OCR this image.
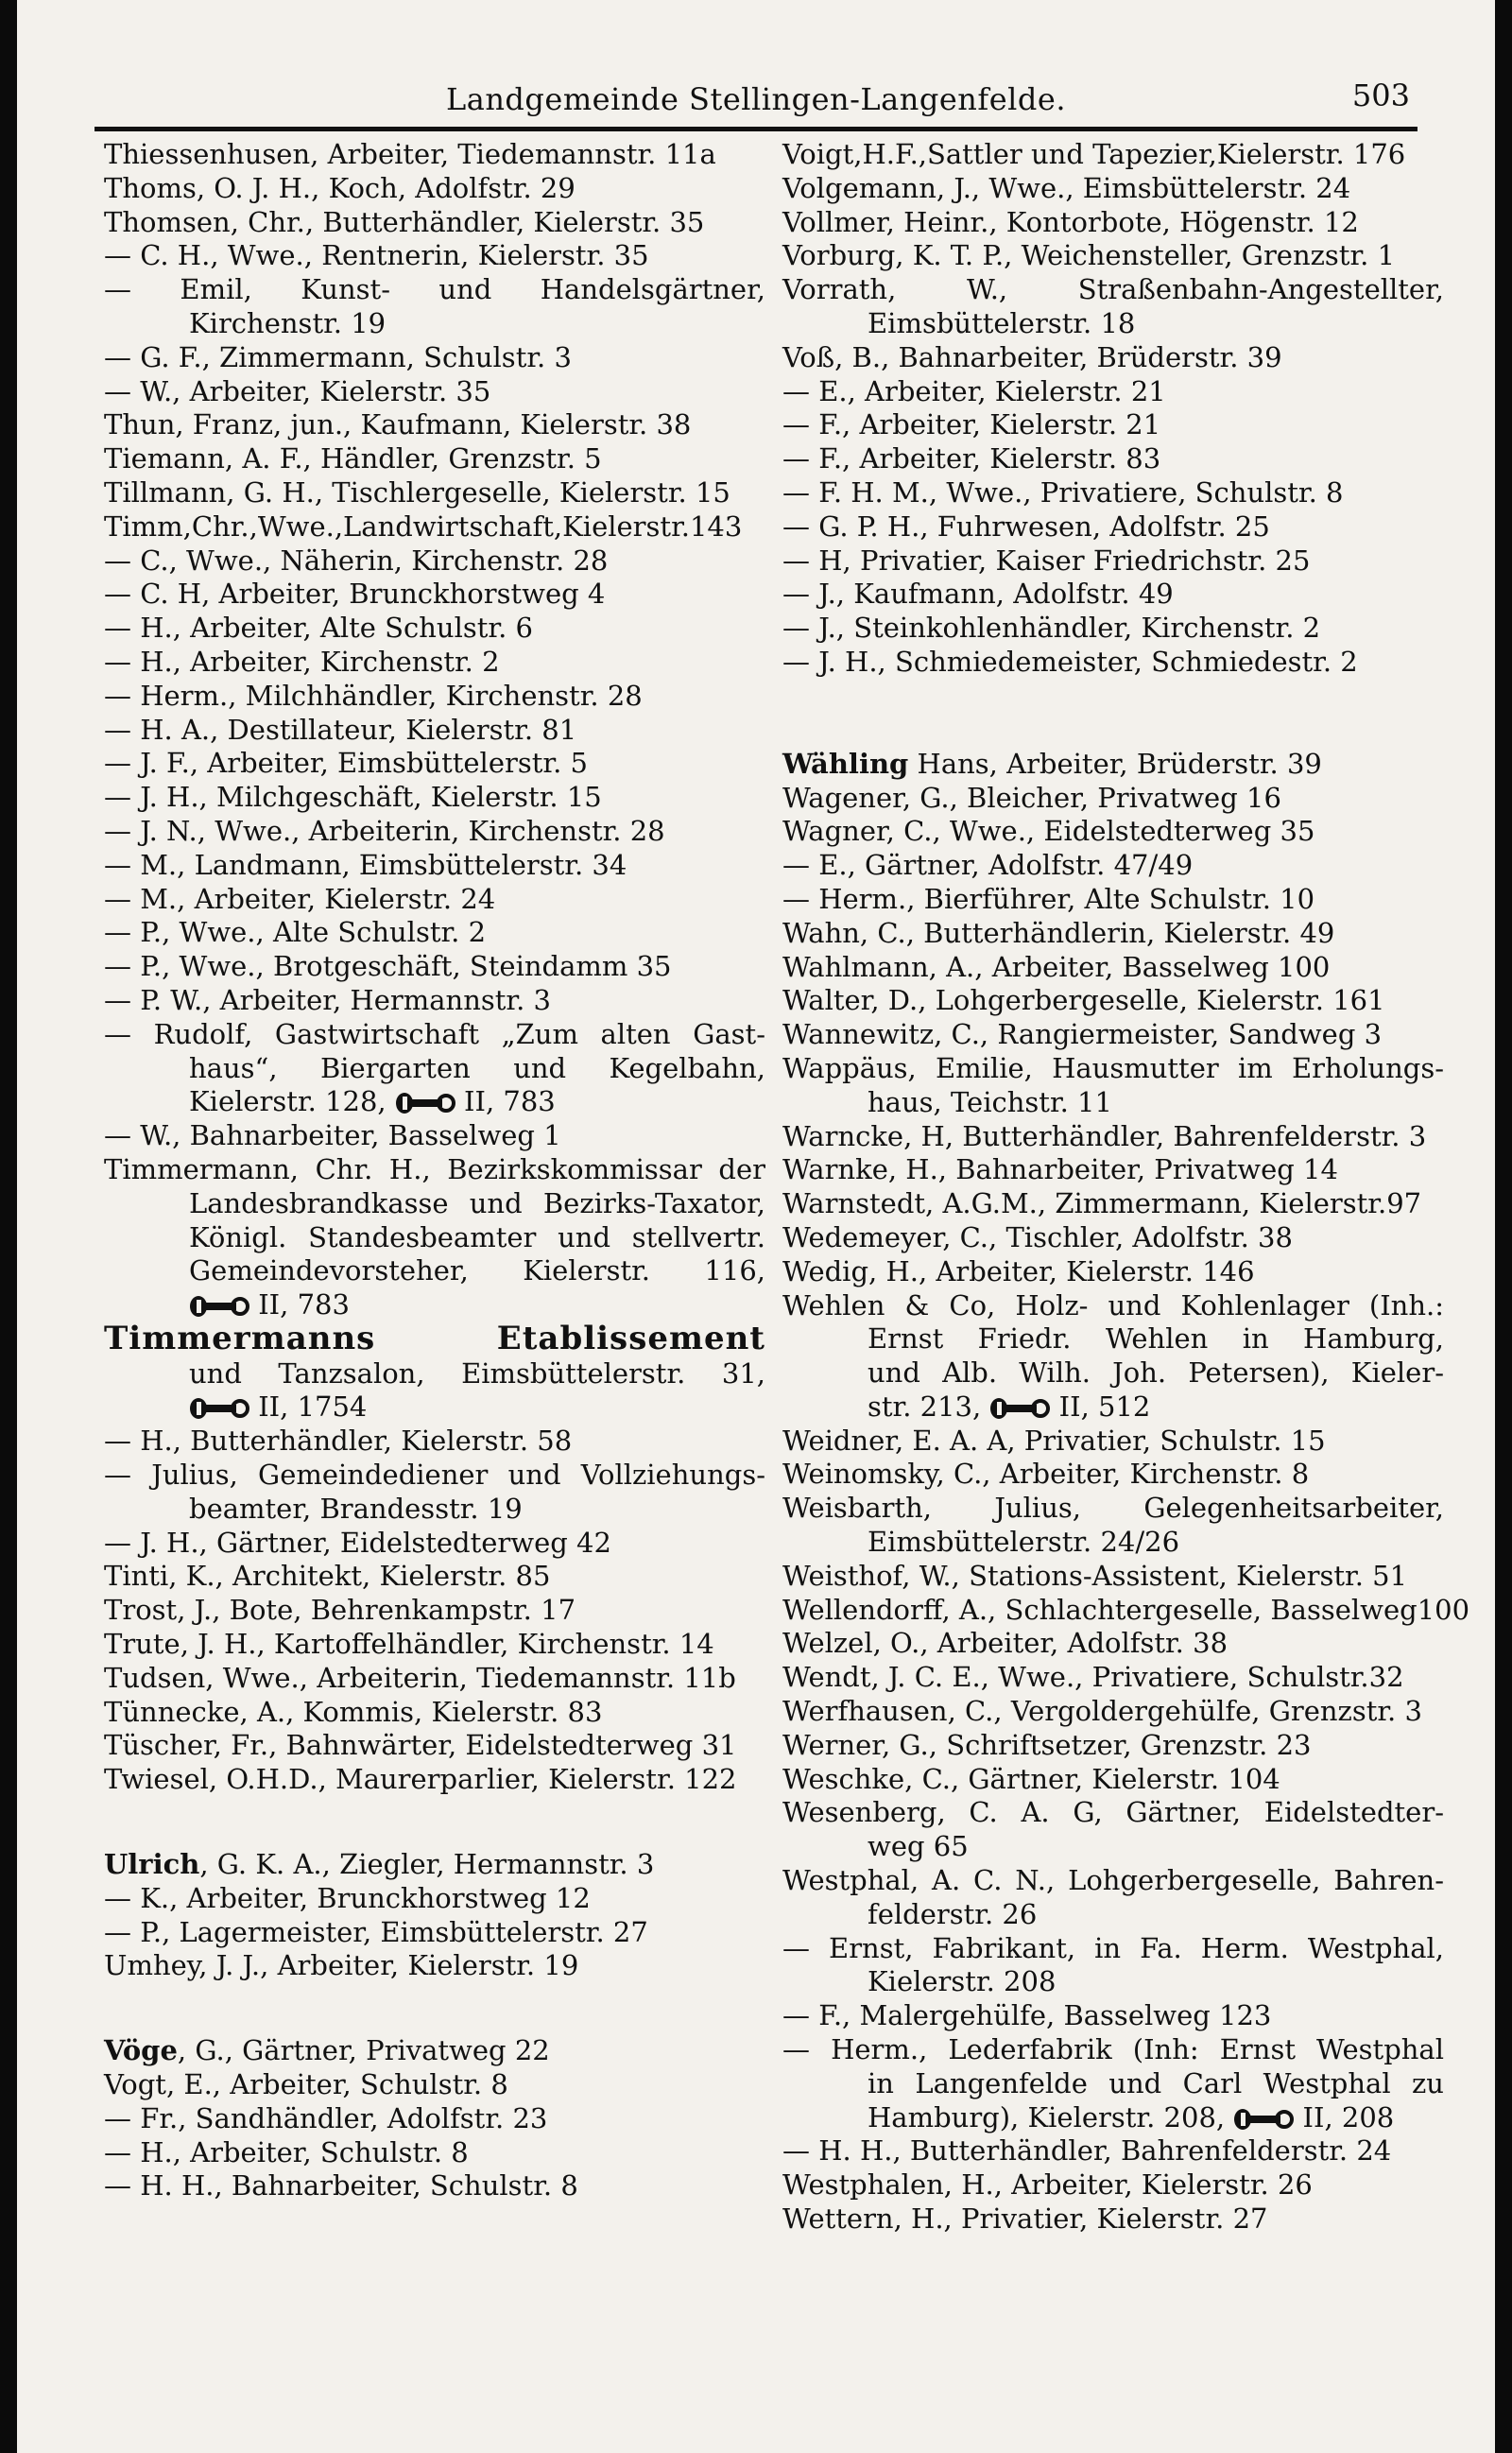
Landgemeinde Stellingen-Langenfelde.	503
Thiessenhusen, Arbeiter, Tiedemannstr. 11a
Thoms, O. J. H., Koch, Adolfstr. 29
Thomsen, Chr., Butterhändler, Kielerstr. 35
— C. H., Wwe., Rentnerin, Kielerstr. 35
— Emil, Kunst- und Handelsgärtner,
Kirchenstr. 19
— G. F., Zimmermann, Schulstr. 3
— W., Arbeiter, Kielerstr. 35
Thun, Franz, jun., Kaufmann, Kielerstr. 38
Tiemann, A. F., Händler, Grenzstr. 5
Tillmann, G. H., Tischlergeselle, Kielerstr. 15
Timm,Chr.,Wwe.,Landwirtschaft,Kielerstr.143
— C., Wwe., Näherin, Kirchenstr. 28
— C. H, Arbeiter, Brunckhorstweg 4
— H., Arbeiter, Alte Schulstr. 6
— H., Arbeiter, Kirchenstr. 2
— Herm., Milchhändler, Kirchenstr. 28
— H. A., Destillateur, Kielerstr. 81
— J. F., Arbeiter, Eimsbüttelerstr. 5
— J. H., Milchgeschäft, Kielerstr. 15
— J. N., Wwe., Arbeiterin, Kirchenstr. 28
— M., Landmann, Eimsbüttelerstr. 34
— M., Arbeiter, Kielerstr. 24
— P., Wwe., Alte Schulstr. 2
— P., Wwe., Brotgeschäft, Steindamm 35
— P. W., Arbeiter, Hermannstr. 3
— Rudolf, Gastwirtschaft „Zum alten Gast-
haus“, Biergarten und Kegelbahn,
Kielerstr. 128,
II, 783
— W., Bahnarbeiter, Basselweg 1
Timmermann, Chr. H., Bezirkskommissar der
Landesbrandkasse und Bezirks-Taxator,
Königl. Standesbeamter und stellvertr.
Gemeindevorsteher, Kielerstr. 116,
II, 783
Timmermanns Etablissement
und Tanzsalon, Eimsbüttelerstr. 31,
II, 1754
— H., Butterhändler, Kielerstr. 58
— Julius, Gemeindediener und Vollziehungs-
beamter, Brandesstr. 19
— J. H., Gärtner, Eidelstedterweg 42
Tinti, K., Architekt, Kielerstr. 85
Trost, J., Bote, Behrenkampstr. 17
Trute, J. H., Kartoffelhändler, Kirchenstr. 14
Tudsen, Wwe., Arbeiterin, Tiedemannstr. 11b
Tünnecke, A., Kommis, Kielerstr. 83
Tüscher, Fr., Bahnwärter, Eidelstedterweg 31
Twiesel, O.H.D., Maurerparlier, Kielerstr. 122
Ulrich, G. K. A., Ziegler, Hermannstr. 3
— K., Arbeiter, Brunckhorstweg 12
— P., Lagermeister, Eimsbüttelerstr. 27
Umhey, J. J., Arbeiter, Kielerstr. 19
Vöge, G., Gärtner, Privatweg 22
Vogt, E., Arbeiter, Schulstr. 8
— Fr., Sandhändler, Adolfstr. 23
— H., Arbeiter, Schulstr. 8
— H. H., Bahnarbeiter, Schulstr. 8
Voigt,H.F.,Sattler und Tapezier,Kielerstr. 176
Volgemann, J., Wwe., Eimsbüttelerstr. 24
Vollmer, Heinr., Kontorbote, Högenstr. 12
Vorburg, K. T. P., Weichensteller, Grenzstr. 1
Vorrath, W., Straßenbahn-Angestellter,
Eimsbüttelerstr. 18
Voß, B., Bahnarbeiter, Brüderstr. 39
— E., Arbeiter, Kielerstr. 21
— F., Arbeiter, Kielerstr. 21
— F., Arbeiter, Kielerstr. 83
— F. H. M., Wwe., Privatiere, Schulstr. 8
— G. P. H., Fuhrwesen, Adolfstr. 25
— H, Privatier, Kaiser Friedrichstr. 25
— J., Kaufmann, Adolfstr. 49
— J., Steinkohlenhändler, Kirchenstr. 2
— J. H., Schmiedemeister, Schmiedestr. 2
Wähling Hans, Arbeiter, Brüderstr. 39
Wagener, G., Bleicher, Privatweg 16
Wagner, C., Wwe., Eidelstedterweg 35
— E., Gärtner, Adolfstr. 47/49
— Herm., Bierführer, Alte Schulstr. 10
Wahn, C., Butterhändlerin, Kielerstr. 49
Wahlmann, A., Arbeiter, Basselweg 100
Walter, D., Lohgerbergeselle, Kielerstr. 161
Wannewitz, C., Rangiermeister, Sandweg 3
Wappäus, Emilie, Hausmutter im Erholungs-
haus, Teichstr. 11
Warncke, H, Butterhändler, Bahrenfelderstr. 3
Warnke, H., Bahnarbeiter, Privatweg 14
Warnstedt, A.G.M., Zimmermann, Kielerstr.97
Wedemeyer, C., Tischler, Adolfstr. 38
Wedig, H., Arbeiter, Kielerstr. 146
Wehlen & Co, Holz- und Kohlenlager (Inh.:
Ernst Friedr. Wehlen in Hamburg,
und Alb. Wilh. Joh. Petersen), Kieler-
str. 213,
II, 512
Weidner, E. A. A, Privatier, Schulstr. 15
Weinomsky, C., Arbeiter, Kirchenstr. 8
Weisbarth, Julius, Gelegenheitsarbeiter,
Eimsbüttelerstr. 24/26
Weisthof, W., Stations-Assistent, Kielerstr. 51
Wellendorff, A., Schlachtergeselle, Basselweg100
Welzel, O., Arbeiter, Adolfstr. 38
Wendt, J. C. E., Wwe., Privatiere, Schulstr.32
Werfhausen, C., Vergoldergehülfe, Grenzstr. 3
Werner, G., Schriftsetzer, Grenzstr. 23
Weschke, C., Gärtner, Kielerstr. 104
Wesenberg, C. A. G, Gärtner, Eidelstedter-
weg 65
Westphal, A. C. N., Lohgerbergeselle, Bahren-
felderstr. 26
— Ernst, Fabrikant, in Fa. Herm. Westphal,
Kielerstr. 208
— F., Malergehülfe, Basselweg 123
— Herm., Lederfabrik (Inh: Ernst Westphal
in Langenfelde und Carl Westphal zu
Hamburg), Kielerstr. 208,
II, 208
— H. H., Butterhändler, Bahrenfelderstr. 24
Westphalen, H., Arbeiter, Kielerstr. 26
Wettern, H., Privatier, Kielerstr. 27
